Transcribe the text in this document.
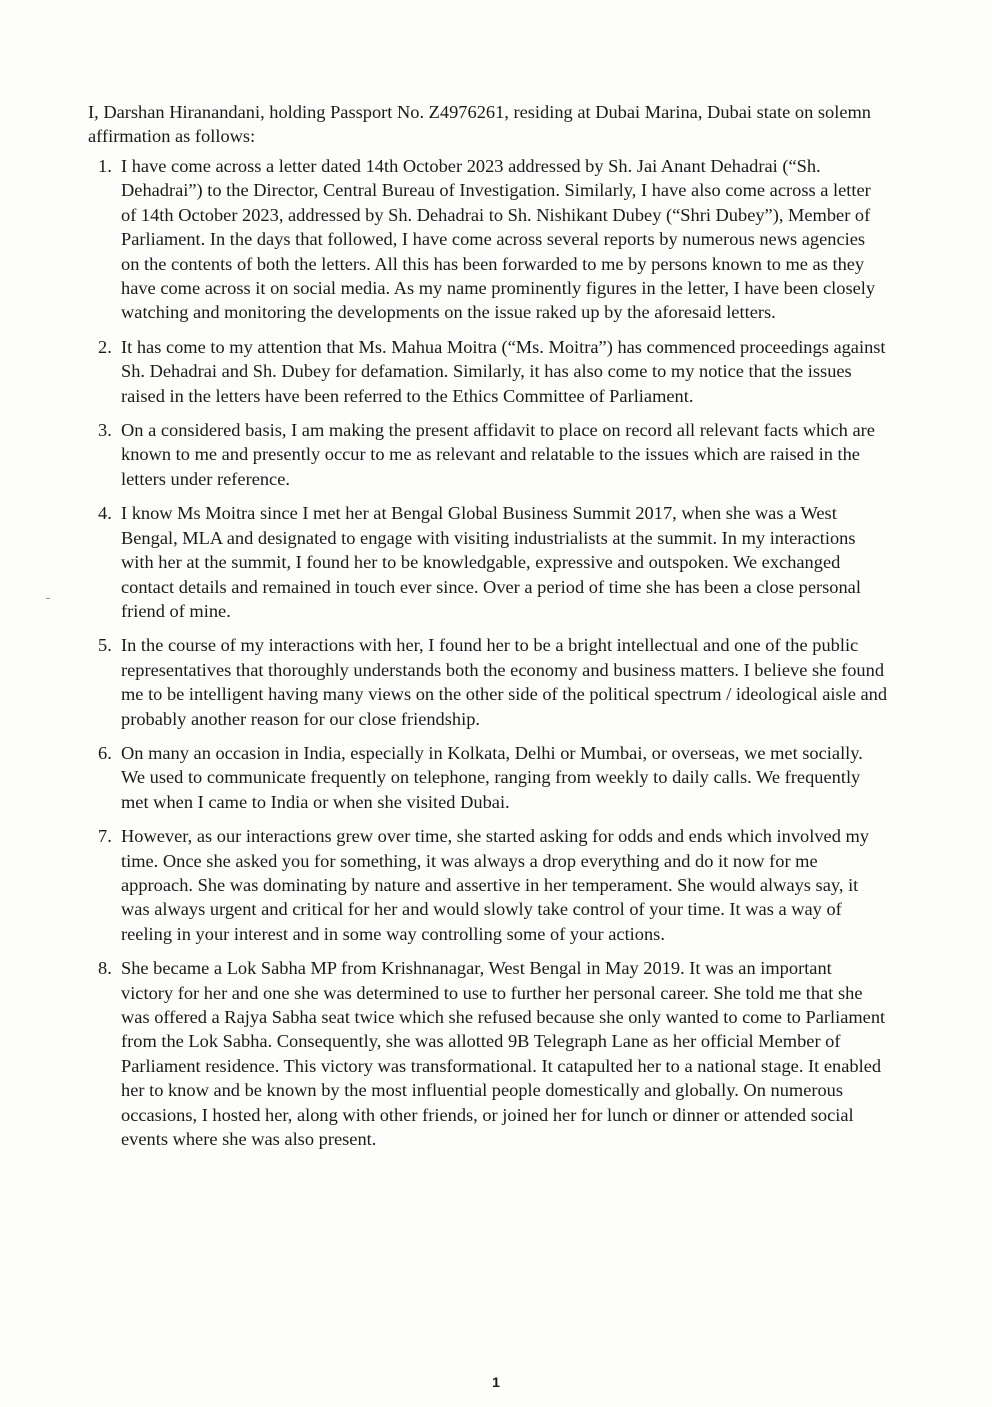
I, Darshan Hiranandani, holding Passport No. Z4976261, residing at Dubai Marina, Dubai state on solemn affirmation as follows:

1. I have come across a letter dated 14th October 2023 addressed by Sh. Jai Anant Dehadrai (“Sh. Dehadrai”) to the Director, Central Bureau of Investigation. Similarly, I have also come across a letter of 14th October 2023, addressed by Sh. Dehadrai to Sh. Nishikant Dubey (“Shri Dubey”), Member of Parliament. In the days that followed, I have come across several reports by numerous news agencies on the contents of both the letters. All this has been forwarded to me by persons known to me as they have come across it on social media. As my name prominently figures in the letter, I have been closely watching and monitoring the developments on the issue raked up by the aforesaid letters.
2. It has come to my attention that Ms. Mahua Moitra (“Ms. Moitra”) has commenced proceedings against Sh. Dehadrai and Sh. Dubey for defamation. Similarly, it has also come to my notice that the issues raised in the letters have been referred to the Ethics Committee of Parliament.
3. On a considered basis, I am making the present affidavit to place on record all relevant facts which are known to me and presently occur to me as relevant and relatable to the issues which are raised in the letters under reference.
4. I know Ms Moitra since I met her at Bengal Global Business Summit 2017, when she was a West Bengal, MLA and designated to engage with visiting industrialists at the summit. In my interactions with her at the summit, I found her to be knowledgable, expressive and outspoken. We exchanged contact details and remained in touch ever since. Over a period of time she has been a close personal friend of mine.
5. In the course of my interactions with her, I found her to be a bright intellectual and one of the public representatives that thoroughly understands both the economy and business matters. I believe she found me to be intelligent having many views on the other side of the political spectrum / ideological aisle and probably another reason for our close friendship.
6. On many an occasion in India, especially in Kolkata, Delhi or Mumbai, or overseas, we met socially. We used to communicate frequently on telephone, ranging from weekly to daily calls. We frequently met when I came to India or when she visited Dubai.
7. However, as our interactions grew over time, she started asking for odds and ends which involved my time. Once she asked you for something, it was always a drop everything and do it now for me approach. She was dominating by nature and assertive in her temperament. She would always say, it was always urgent and critical for her and would slowly take control of your time. It was a way of reeling in your interest and in some way controlling some of your actions.
8. She became a Lok Sabha MP from Krishnanagar, West Bengal in May 2019. It was an important victory for her and one she was determined to use to further her personal career. She told me that she was offered a Rajya Sabha seat twice which she refused because she only wanted to come to Parliament from the Lok Sabha. Consequently, she was allotted 9B Telegraph Lane as her official Member of Parliament residence. This victory was transformational. It catapulted her to a national stage. It enabled her to know and be known by the most influential people domestically and globally. On numerous occasions, I hosted her, along with other friends, or joined her for lunch or dinner or attended social events where she was also present.
1
